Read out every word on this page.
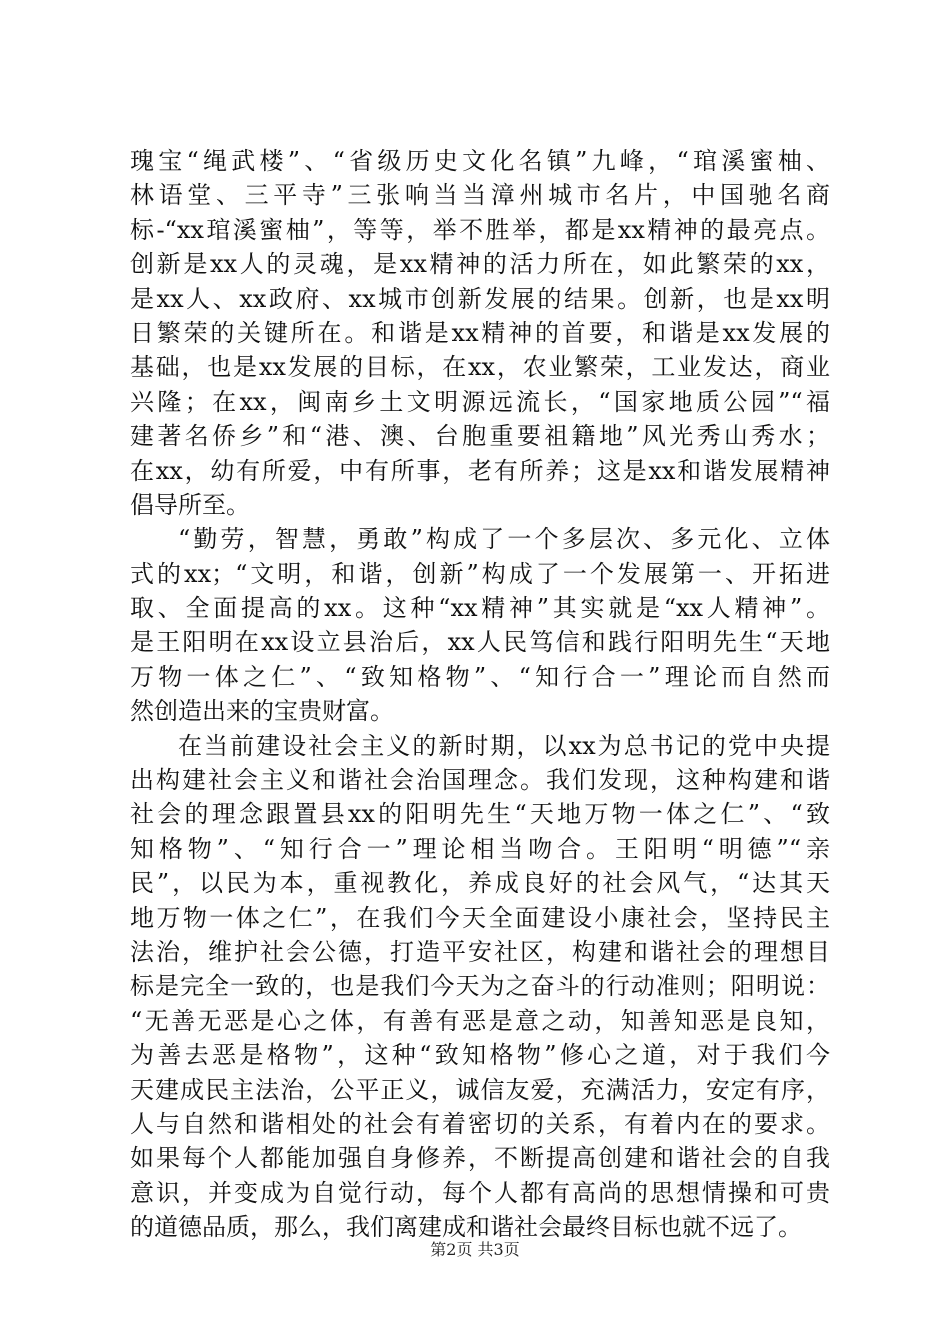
瑰宝“绳武楼”、“省级历史文化名镇”九峰，“琯溪蜜柚、
林语堂、三平寺”三张响当当漳州城市名片，中国驰名商
标-“xx琯溪蜜柚”，等等，举不胜举，都是xx精神的最亮点。
创新是xx人的灵魂，是xx精神的活力所在，如此繁荣的xx，
是xx人、xx政府、xx城市创新发展的结果。创新，也是xx明
日繁荣的关键所在。和谐是xx精神的首要，和谐是xx发展的
基础，也是xx发展的目标，在xx，农业繁荣，工业发达，商业
兴隆；在xx，闽南乡土文明源远流长，“国家地质公园”“福
建著名侨乡”和“港、澳、台胞重要祖籍地”风光秀山秀水；
在xx，幼有所爱，中有所事，老有所养；这是xx和谐发展精神
倡导所至。
“勤劳，智慧，勇敢”构成了一个多层次、多元化、立体
式的xx；“文明，和谐，创新”构成了一个发展第一、开拓进
取、全面提高的xx。这种“xx精神”其实就是“xx人精神”。
是王阳明在xx设立县治后，xx人民笃信和践行阳明先生“天地
万物一体之仁”、“致知格物”、“知行合一”理论而自然而
然创造出来的宝贵财富。
在当前建设社会主义的新时期，以xx为总书记的党中央提
出构建社会主义和谐社会治国理念。我们发现，这种构建和谐
社会的理念跟置县xx的阳明先生“天地万物一体之仁”、“致
知格物”、“知行合一”理论相当吻合。王阳明“明德”“亲
民”，以民为本，重视教化，养成良好的社会风气，“达其天
地万物一体之仁”，在我们今天全面建设小康社会，坚持民主
法治，维护社会公德，打造平安社区，构建和谐社会的理想目
标是完全一致的，也是我们今天为之奋斗的行动准则；阳明说：
“无善无恶是心之体，有善有恶是意之动，知善知恶是良知，
为善去恶是格物”，这种“致知格物”修心之道，对于我们今
天建成民主法治，公平正义，诚信友爱，充满活力，安定有序，
人与自然和谐相处的社会有着密切的关系，有着内在的要求。
如果每个人都能加强自身修养，不断提高创建和谐社会的自我
意识，并变成为自觉行动，每个人都有高尚的思想情操和可贵
的道德品质，那么，我们离建成和谐社会最终目标也就不远了。
第2页 共3页
